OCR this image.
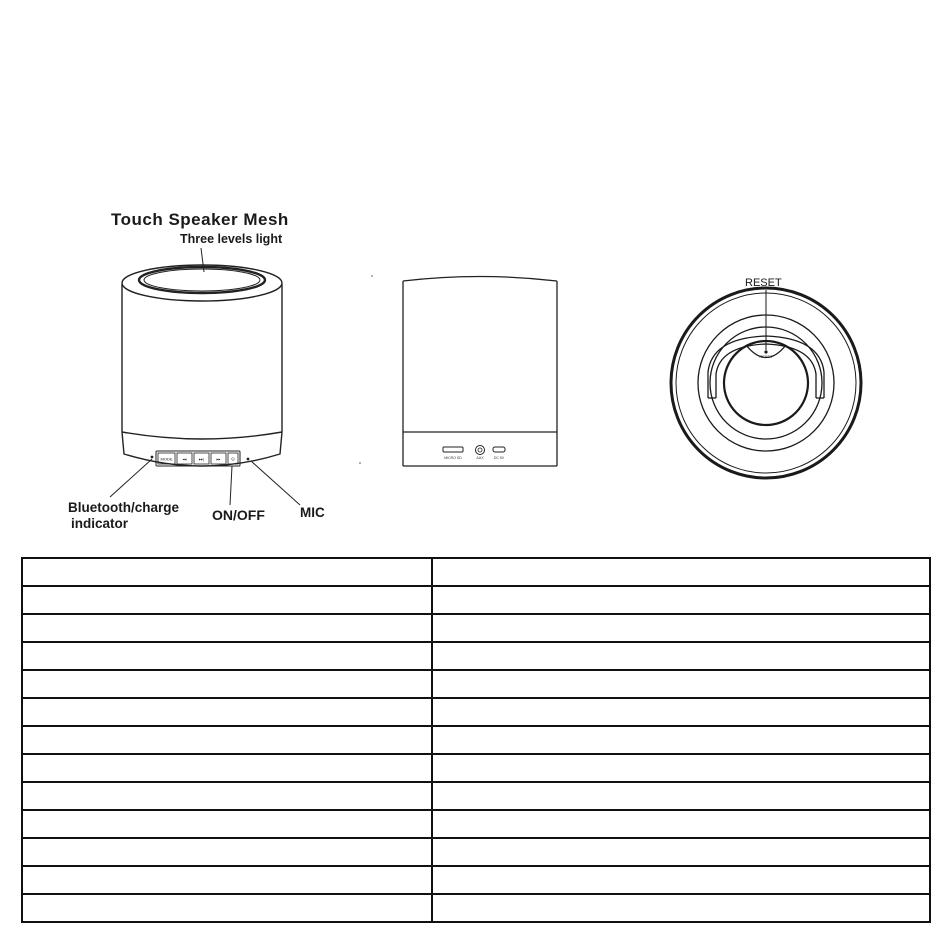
Touch Speaker Mesh
Three levels light
MODE ◂◂	▸▸|	▸▸	⏻
Bluetooth/charge
indicator
ON/OFF	MIC
MICRO SD	AUX	DC 5V
RESET
RESET
